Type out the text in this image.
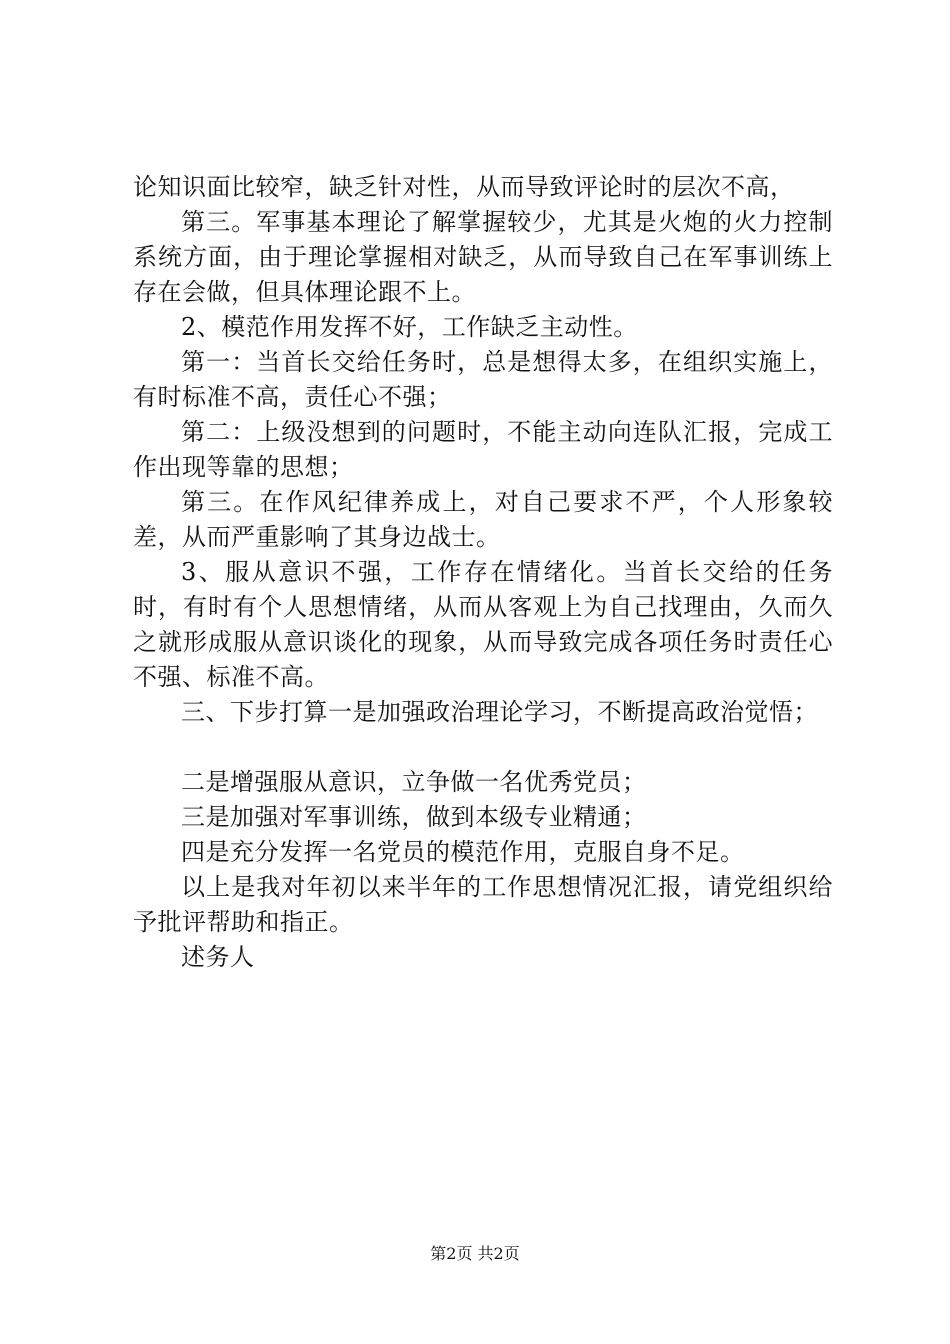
论知识面比较窄，缺乏针对性，从而导致评论时的层次不高，

第三。军事基本理论了解掌握较少，尤其是火炮的火力控制系统方面，由于理论掌握相对缺乏，从而导致自己在军事训练上存在会做，但具体理论跟不上。

2、模范作用发挥不好，工作缺乏主动性。

第一：当首长交给任务时，总是想得太多，在组织实施上，有时标准不高，责任心不强；

第二：上级没想到的问题时，不能主动向连队汇报，完成工作出现等靠的思想；

第三。在作风纪律养成上，对自己要求不严，个人形象较差，从而严重影响了其身边战士。

3、服从意识不强，工作存在情绪化。当首长交给的任务时，有时有个人思想情绪，从而从客观上为自己找理由，久而久之就形成服从意识谈化的现象，从而导致完成各项任务时责任心不强、标准不高。

三、下步打算一是加强政治理论学习，不断提高政治觉悟；

二是增强服从意识，立争做一名优秀党员；

三是加强对军事训练，做到本级专业精通；

四是充分发挥一名党员的模范作用，克服自身不足。

以上是我对年初以来半年的工作思想情况汇报，请党组织给予批评帮助和指正。

述务人

第2页 共2页
